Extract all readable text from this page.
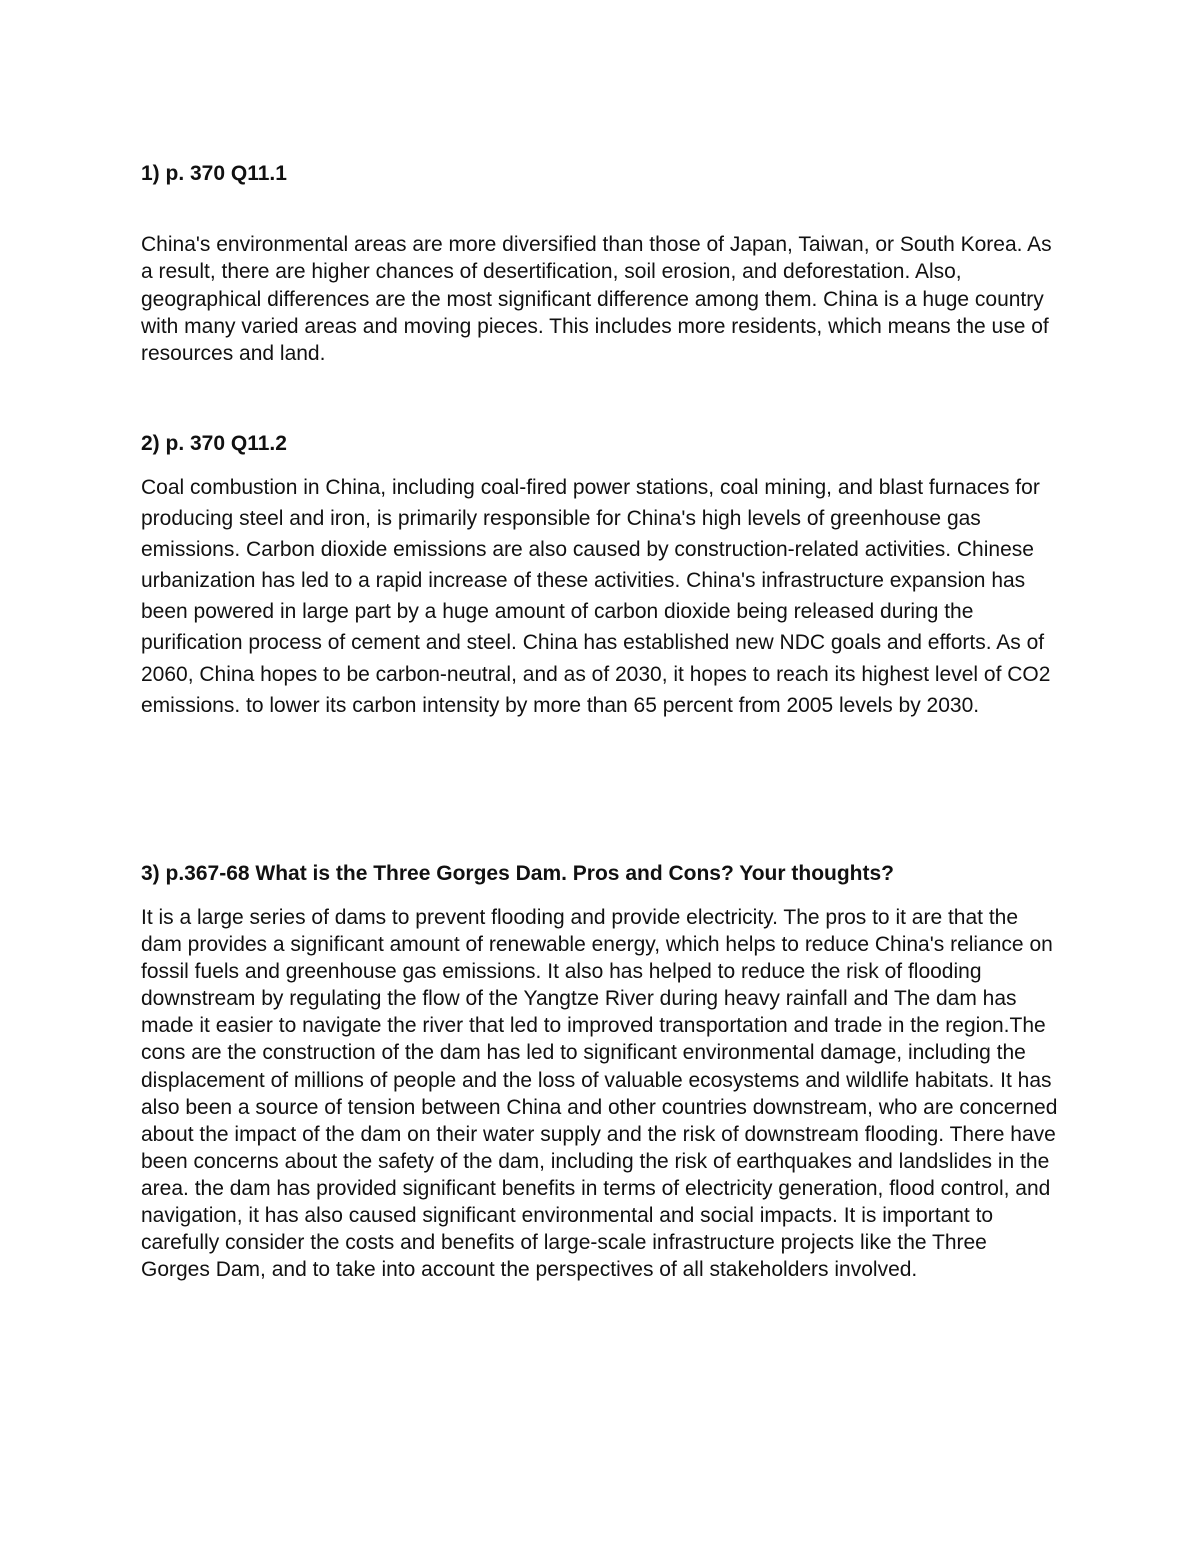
1) p. 370 Q11.1

China's environmental areas are more diversified than those of Japan, Taiwan, or South Korea. As a result, there are higher chances of desertification, soil erosion, and deforestation. Also, geographical differences are the most significant difference among them. China is a huge country with many varied areas and moving pieces. This includes more residents, which means the use of resources and land.

2) p. 370 Q11.2

Coal combustion in China, including coal-fired power stations, coal mining, and blast furnaces for producing steel and iron, is primarily responsible for China's high levels of greenhouse gas emissions. Carbon dioxide emissions are also caused by construction-related activities. Chinese urbanization has led to a rapid increase of these activities. China's infrastructure expansion has been powered in large part by a huge amount of carbon dioxide being released during the purification process of cement and steel. China has established new NDC goals and efforts. As of 2060, China hopes to be carbon-neutral, and as of 2030, it hopes to reach its highest level of CO2 emissions. to lower its carbon intensity by more than 65 percent from 2005 levels by 2030.

3) p.367-68 What is the Three Gorges Dam. Pros and Cons? Your thoughts?

It is a large series of dams to prevent flooding and provide electricity. The pros to it are that the dam provides a significant amount of renewable energy, which helps to reduce China's reliance on fossil fuels and greenhouse gas emissions. It also has helped to reduce the risk of flooding downstream by regulating the flow of the Yangtze River during heavy rainfall and The dam has made it easier to navigate the river that led to improved transportation and trade in the region.The cons are the construction of the dam has led to significant environmental damage, including the displacement of millions of people and the loss of valuable ecosystems and wildlife habitats. It has also been a source of tension between China and other countries downstream, who are concerned about the impact of the dam on their water supply and the risk of downstream flooding. There have been concerns about the safety of the dam, including the risk of earthquakes and landslides in the area. the dam has provided significant benefits in terms of electricity generation, flood control, and navigation, it has also caused significant environmental and social impacts. It is important to carefully consider the costs and benefits of large-scale infrastructure projects like the Three Gorges Dam, and to take into account the perspectives of all stakeholders involved.
